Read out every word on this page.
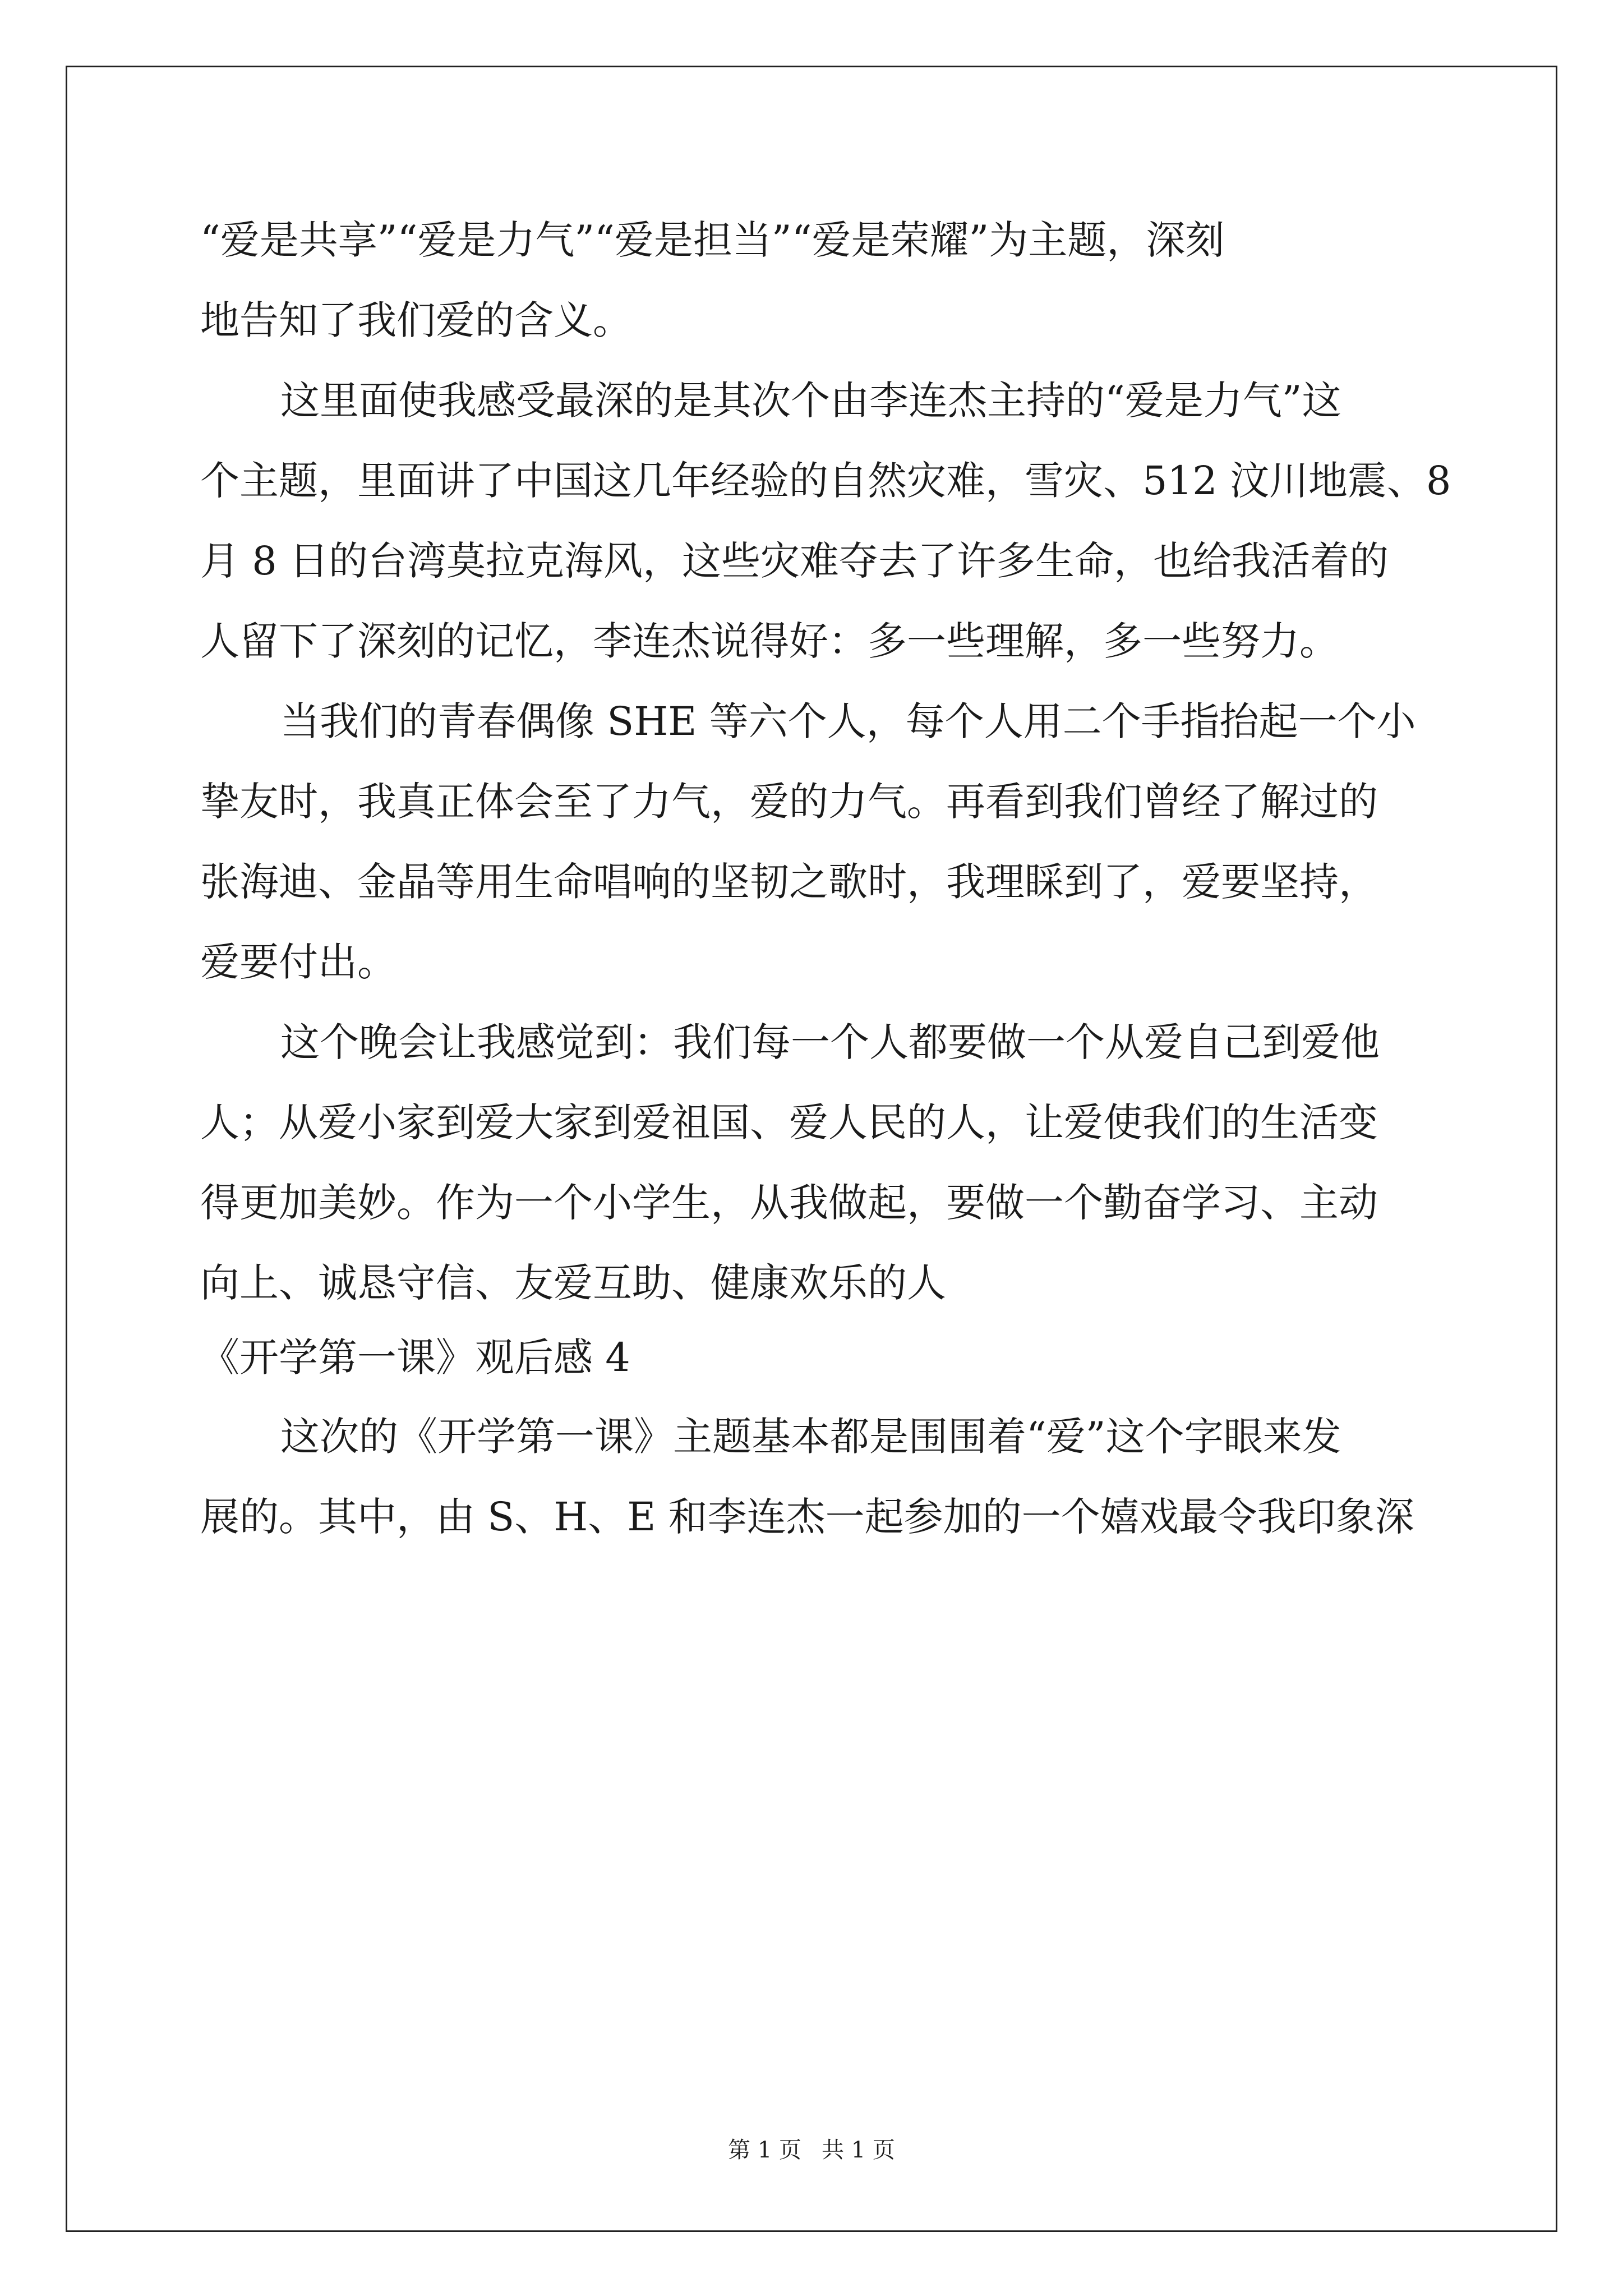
“爱是共享”“爱是力气”“爱是担当”“爱是荣耀”为主题，深刻
地告知了我们爱的含义。
这里面使我感受最深的是其次个由李连杰主持的“爱是力气”这
个主题，里面讲了中国这几年经验的自然灾难，雪灾、512 汶川地震、8
月 8 日的台湾莫拉克海风，这些灾难夺去了许多生命，也给我活着的
人留下了深刻的记忆，李连杰说得好：多一些理解，多一些努力。
当我们的青春偶像 SHE 等六个人，每个人用二个手指抬起一个小
挚友时，我真正体会至了力气，爱的力气。再看到我们曾经了解过的
张海迪、金晶等用生命唱响的坚韧之歌时，我理睬到了，爱要坚持，
爱要付出。
这个晚会让我感觉到：我们每一个人都要做一个从爱自己到爱他
人；从爱小家到爱大家到爱祖国、爱人民的人，让爱使我们的生活变
得更加美妙。作为一个小学生，从我做起，要做一个勤奋学习、主动
向上、诚恳守信、友爱互助、健康欢乐的人
《开学第一课》观后感 4
这次的《开学第一课》主题基本都是围围着“爱”这个字眼来发
展的。其中，由 S、H、E 和李连杰一起参加的一个嬉戏最令我印象深
第 1 页 共 1 页
